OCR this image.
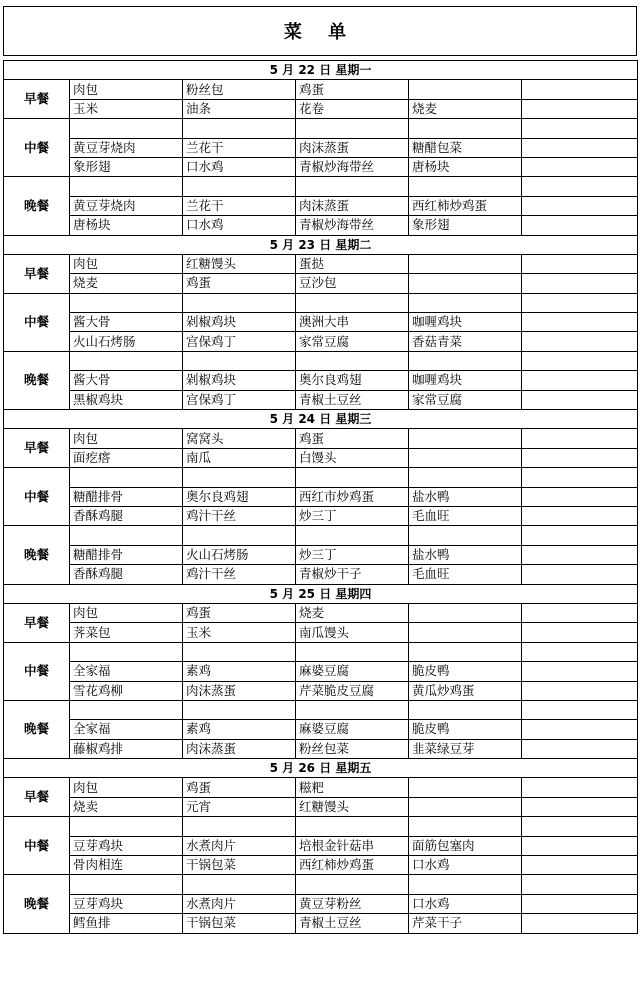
菜 单
5 月 22 日 星期一					
早餐	肉包	粉丝包	鸡蛋		
	玉米	油条	花卷	烧麦	
中餐					
	黄豆芽烧肉	兰花干	肉沫蒸蛋	糖醋包菜	
	象形翅	口水鸡	青椒炒海带丝	唐杨块	
晚餐					
	黄豆芽烧肉	兰花干	肉沫蒸蛋	西红柿炒鸡蛋	
	唐杨块	口水鸡	青椒炒海带丝	象形翅	
5 月 23 日 星期二					
早餐	肉包	红糖馒头	蛋挞		
	烧麦	鸡蛋	豆沙包		
中餐					
	酱大骨	剁椒鸡块	澳洲大串	咖喱鸡块	
	火山石烤肠	宫保鸡丁	家常豆腐	香菇青菜	
晚餐					
	酱大骨	剁椒鸡块	奥尔良鸡翅	咖喱鸡块	
	黑椒鸡块	宫保鸡丁	青椒土豆丝	家常豆腐	
5 月 24 日 星期三					
早餐	肉包	窝窝头	鸡蛋		
	面疙瘩	南瓜	白馒头		
中餐					
	糖醋排骨	奥尔良鸡翅	西红市炒鸡蛋	盐水鸭	
	香酥鸡腿	鸡汁干丝	炒三丁	毛血旺	
晚餐					
	糖醋排骨	火山石烤肠	炒三丁	盐水鸭	
	香酥鸡腿	鸡汁干丝	青椒炒干子	毛血旺	
5 月 25 日 星期四					
早餐	肉包	鸡蛋	烧麦		
	荠菜包	玉米	南瓜馒头		
中餐					
	全家福	素鸡	麻婆豆腐	脆皮鸭	
	雪花鸡柳	肉沫蒸蛋	芹菜脆皮豆腐	黄瓜炒鸡蛋	
晚餐					
	全家福	素鸡	麻婆豆腐	脆皮鸭	
	藤椒鸡排	肉沫蒸蛋	粉丝包菜	韭菜绿豆芽	
5 月 26 日 星期五					
早餐	肉包	鸡蛋	糍粑		
	烧卖	元宵	红糖馒头		
中餐					
	豆芽鸡块	水煮肉片	培根金针菇串	面筋包塞肉	
	骨肉相连	干锅包菜	西红柿炒鸡蛋	口水鸡	
晚餐					
	豆芽鸡块	水煮肉片	黄豆芽粉丝	口水鸡	
	鳕鱼排	干锅包菜	青椒土豆丝	芹菜干子	
